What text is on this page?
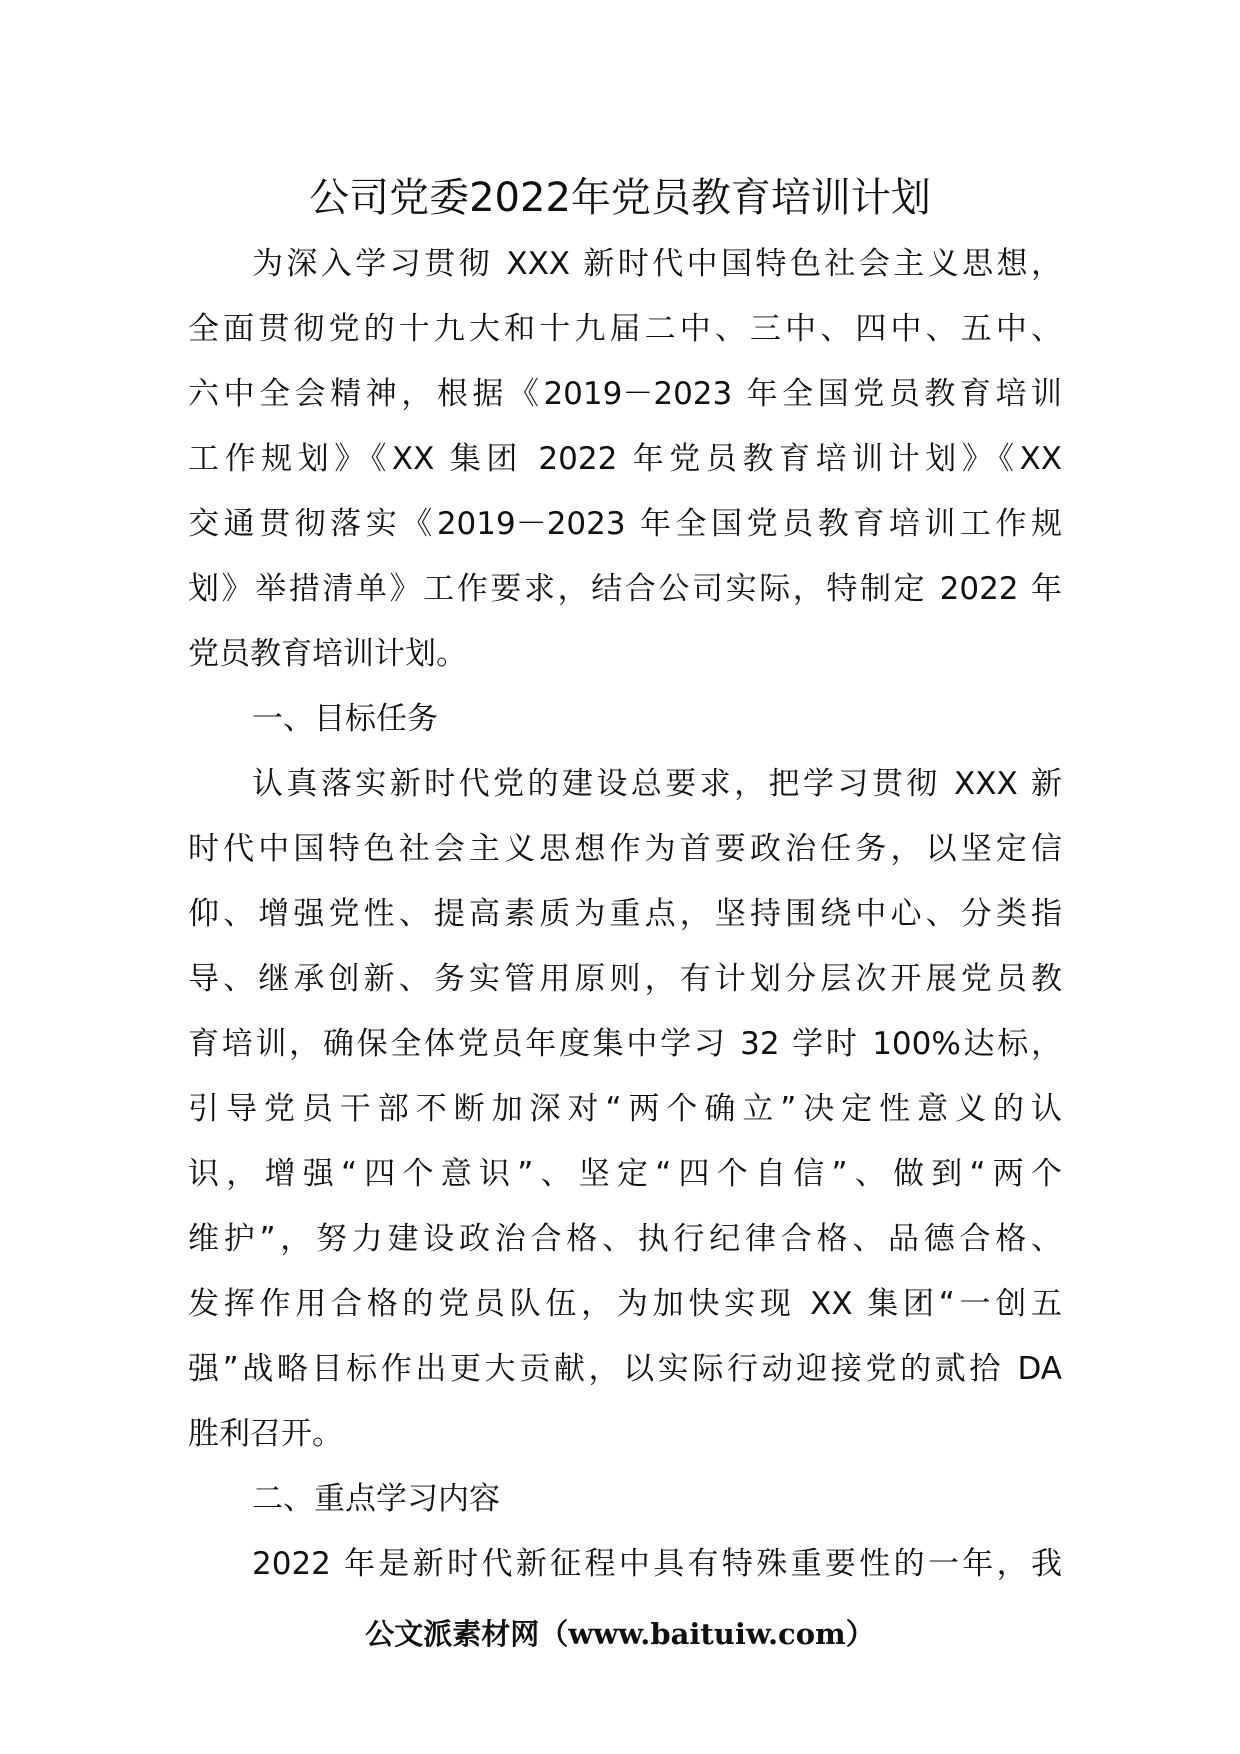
公司党委2022年党员教育培训计划
为深入学习贯彻 XXX 新时代中国特色社会主义思想，
全面贯彻党的十九大和十九届二中、三中、四中、五中、
六中全会精神，根据《2019－2023 年全国党员教育培训
工作规划》《XX 集团 2022 年党员教育培训计划》《XX
交通贯彻落实《2019－2023 年全国党员教育培训工作规
划》举措清单》工作要求，结合公司实际，特制定 2022 年
党员教育培训计划。
一、目标任务
认真落实新时代党的建设总要求，把学习贯彻 XXX 新
时代中国特色社会主义思想作为首要政治任务，以坚定信
仰、增强党性、提高素质为重点，坚持围绕中心、分类指
导、继承创新、务实管用原则，有计划分层次开展党员教
育培训，确保全体党员年度集中学习 32 学时 100%达标，
引导党员干部不断加深对“两个确立”决定性意义的认
识，增强“四个意识”、坚定“四个自信”、做到“两个
维护”，努力建设政治合格、执行纪律合格、品德合格、
发挥作用合格的党员队伍，为加快实现 XX 集团“一创五
强”战略目标作出更大贡献，以实际行动迎接党的贰拾 DA
胜利召开。
二、重点学习内容
2022 年是新时代新征程中具有特殊重要性的一年，我
公文派素材网（www.baituiw.com）
